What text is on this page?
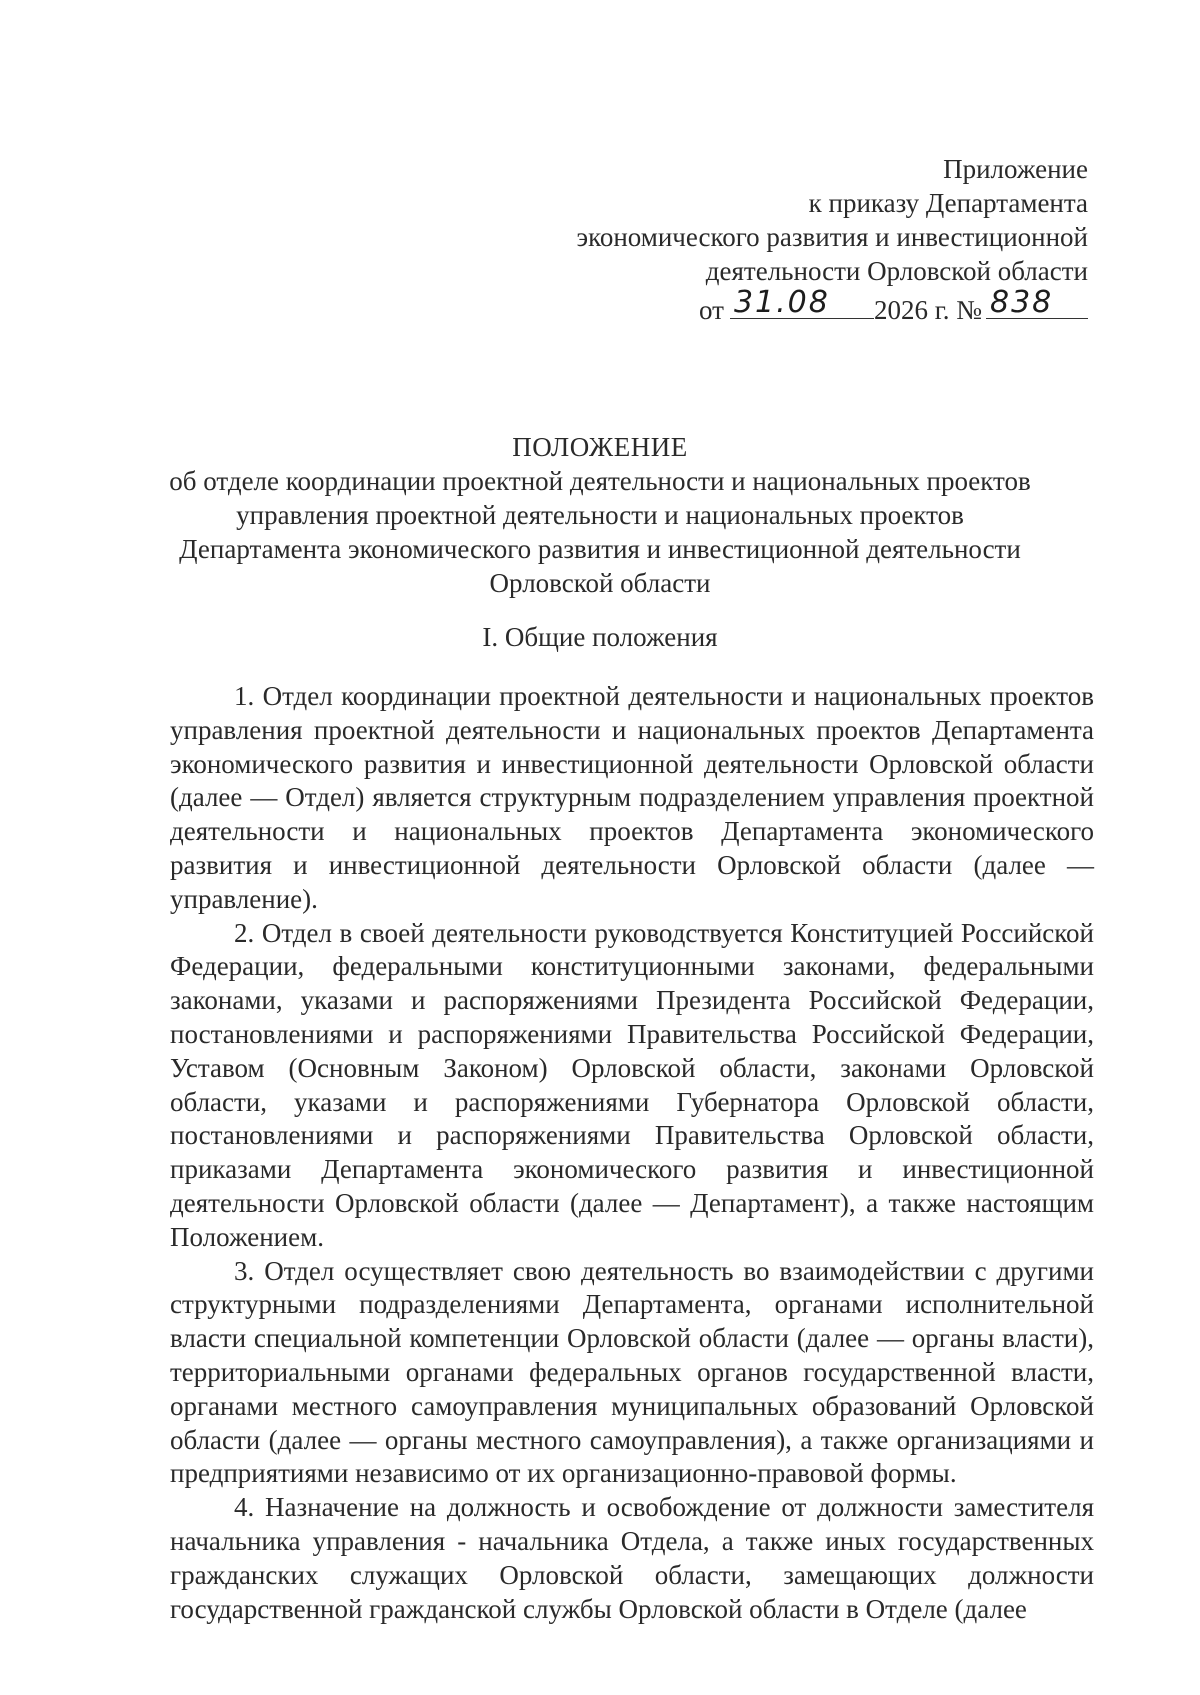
Приложение
к приказу Департамента
экономического развития и инвестиционной
деятельности Орловской области
от 31.08 2026 г. № 838
ПОЛОЖЕНИЕ
об отделе координации проектной деятельности и национальных проектов
управления проектной деятельности и национальных проектов
Департамента экономического развития и инвестиционной деятельности
Орловской области
I. Общие положения

1. Отдел координации проектной деятельности и национальных проектов управления проектной деятельности и национальных проектов Департамента экономического развития и инвестиционной деятельности Орловской области (далее — Отдел) является структурным подразделением управления проектной деятельности и национальных проектов Департамента экономического развития и инвестиционной деятельности Орловской области (далее — управление).

2. Отдел в своей деятельности руководствуется Конституцией Российской Федерации, федеральными конституционными законами, федеральными законами, указами и распоряжениями Президента Российской Федерации, постановлениями и распоряжениями Правительства Российской Федерации, Уставом (Основным Законом) Орловской области, законами Орловской области, указами и распоряжениями Губернатора Орловской области, постановлениями и распоряжениями Правительства Орловской области, приказами Департамента экономического развития и инвестиционной деятельности Орловской области (далее — Департамент), а также настоящим Положением.

3. Отдел осуществляет свою деятельность во взаимодействии с другими структурными подразделениями Департамента, органами исполнительной власти специальной компетенции Орловской области (далее — органы власти), территориальными органами федеральных органов государственной власти, органами местного самоуправления муниципальных образований Орловской области (далее — органы местного самоуправления), а также организациями и предприятиями независимо от их организационно-правовой формы.

4. Назначение на должность и освобождение от должности заместителя начальника управления - начальника Отдела, а также иных государственных гражданских служащих Орловской области, замещающих должности государственной гражданской службы Орловской области в Отделе (далее
